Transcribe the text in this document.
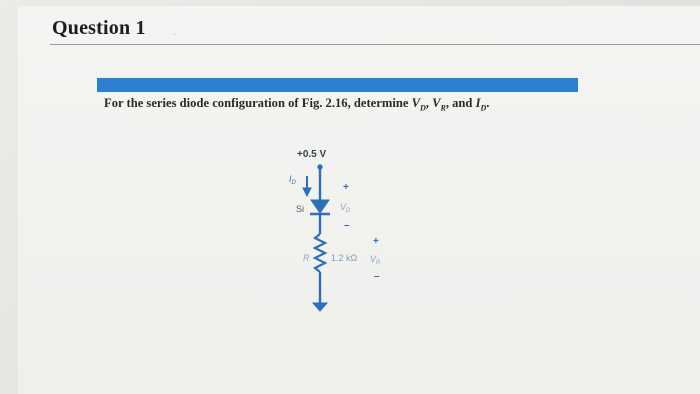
Question 1	·
For the series diode configuration of Fig. 2.16, determine $V_D$, $V_R$, and $I_D$.
+0.5 V
$I_D$
Si
+
$V_D$
–
R 1.2 kΩ
+
$V_R$
–
